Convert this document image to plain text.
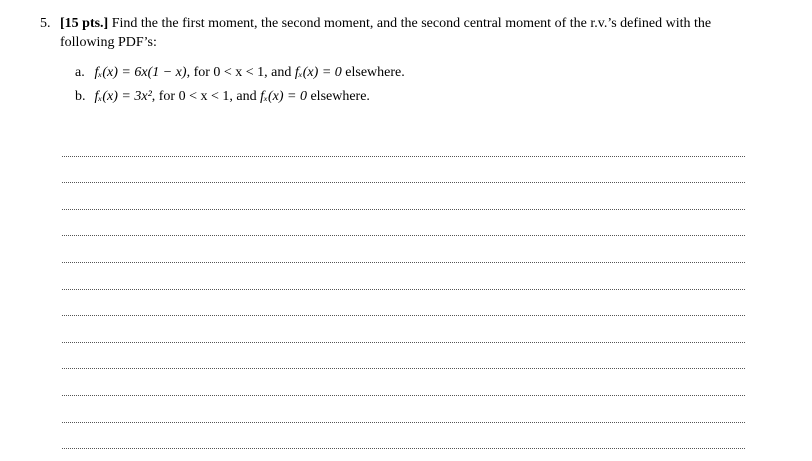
5. [15 pts.] Find the the first moment, the second moment, and the second central moment of the r.v.’s defined with the
following PDF’s:
a. fₓ(x) = 6x(1 − x), for 0 < x < 1, and fₓ(x) = 0 elsewhere.
b. fₓ(x) = 3x², for 0 < x < 1, and fₓ(x) = 0 elsewhere.
